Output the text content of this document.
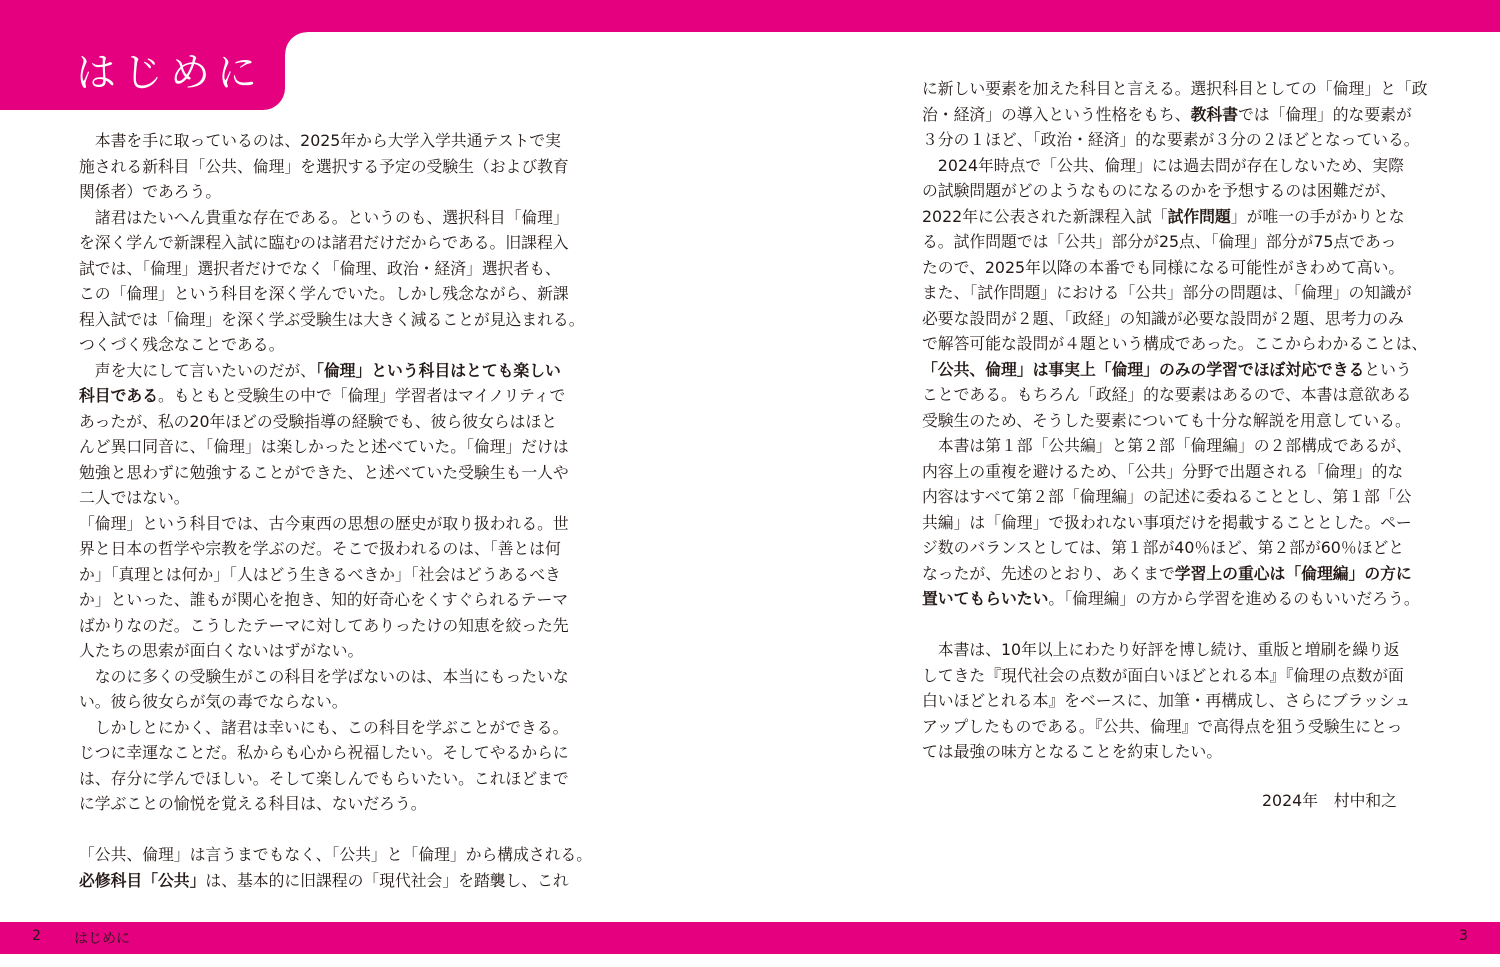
はじめに
　本書を手に取っているのは、2025年から大学入学共通テストで実
施される新科目「公共、倫理」を選択する予定の受験生（および教育
関係者）であろう。
　諸君はたいへん貴重な存在である。というのも、選択科目「倫理」
を深く学んで新課程入試に臨むのは諸君だけだからである。旧課程入
試では、「倫理」選択者だけでなく「倫理、政治・経済」選択者も、
この「倫理」という科目を深く学んでいた。しかし残念ながら、新課
程入試では「倫理」を深く学ぶ受験生は大きく減ることが見込まれる。
つくづく残念なことである。
　声を大にして言いたいのだが、「倫理」という科目はとても楽しい
科目である。もともと受験生の中で「倫理」学習者はマイノリティで
あったが、私の20年ほどの受験指導の経験でも、彼ら彼女らはほと
んど異口同音に、「倫理」は楽しかったと述べていた。「倫理」だけは
勉強と思わずに勉強することができた、と述べていた受験生も一人や
二人ではない。
「倫理」という科目では、古今東西の思想の歴史が取り扱われる。世
界と日本の哲学や宗教を学ぶのだ。そこで扱われるのは、「善とは何
か」「真理とは何か」「人はどう生きるべきか」「社会はどうあるべき
か」といった、誰もが関心を抱き、知的好奇心をくすぐられるテーマ
ばかりなのだ。こうしたテーマに対してありったけの知恵を絞った先
人たちの思索が面白くないはずがない。
　なのに多くの受験生がこの科目を学ばないのは、本当にもったいな
い。彼ら彼女らが気の毒でならない。
　しかしとにかく、諸君は幸いにも、この科目を学ぶことができる。
じつに幸運なことだ。私からも心から祝福したい。そしてやるからに
は、存分に学んでほしい。そして楽しんでもらいたい。これほどまで
に学ぶことの愉悦を覚える科目は、ないだろう。
「公共、倫理」は言うまでもなく、「公共」と「倫理」から構成される。
必修科目「公共」は、基本的に旧課程の「現代社会」を踏襲し、これ
に新しい要素を加えた科目と言える。選択科目としての「倫理」と「政
治・経済」の導入という性格をもち、教科書では「倫理」的な要素が
３分の１ほど、「政治・経済」的な要素が３分の２ほどとなっている。
　2024年時点で「公共、倫理」には過去問が存在しないため、実際
の試験問題がどのようなものになるのかを予想するのは困難だが、
2022年に公表された新課程入試「試作問題」が唯一の手がかりとな
る。試作問題では「公共」部分が25点、「倫理」部分が75点であっ
たので、2025年以降の本番でも同様になる可能性がきわめて高い。
また、「試作問題」における「公共」部分の問題は、「倫理」の知識が
必要な設問が２題、「政経」の知識が必要な設問が２題、思考力のみ
で解答可能な設問が４題という構成であった。ここからわかることは、
「公共、倫理」は事実上「倫理」のみの学習でほぼ対応できるという
ことである。もちろん「政経」的な要素はあるので、本書は意欲ある
受験生のため、そうした要素についても十分な解説を用意している。
　本書は第１部「公共編」と第２部「倫理編」の２部構成であるが、
内容上の重複を避けるため、「公共」分野で出題される「倫理」的な
内容はすべて第２部「倫理編」の記述に委ねることとし、第１部「公
共編」は「倫理」で扱われない事項だけを掲載することとした。ペー
ジ数のバランスとしては、第１部が40％ほど、第２部が60％ほどと
なったが、先述のとおり、あくまで学習上の重心は「倫理編」の方に
置いてもらいたい。「倫理編」の方から学習を進めるのもいいだろう。
　本書は、10年以上にわたり好評を博し続け、重版と増刷を繰り返
してきた『現代社会の点数が面白いほどとれる本』『倫理の点数が面
白いほどとれる本』をベースに、加筆・再構成し、さらにブラッシュ
アップしたものである。『公共、倫理』で高得点を狙う受験生にとっ
ては最強の味方となることを約束したい。
2024年　村中和之
2 はじめに	3
